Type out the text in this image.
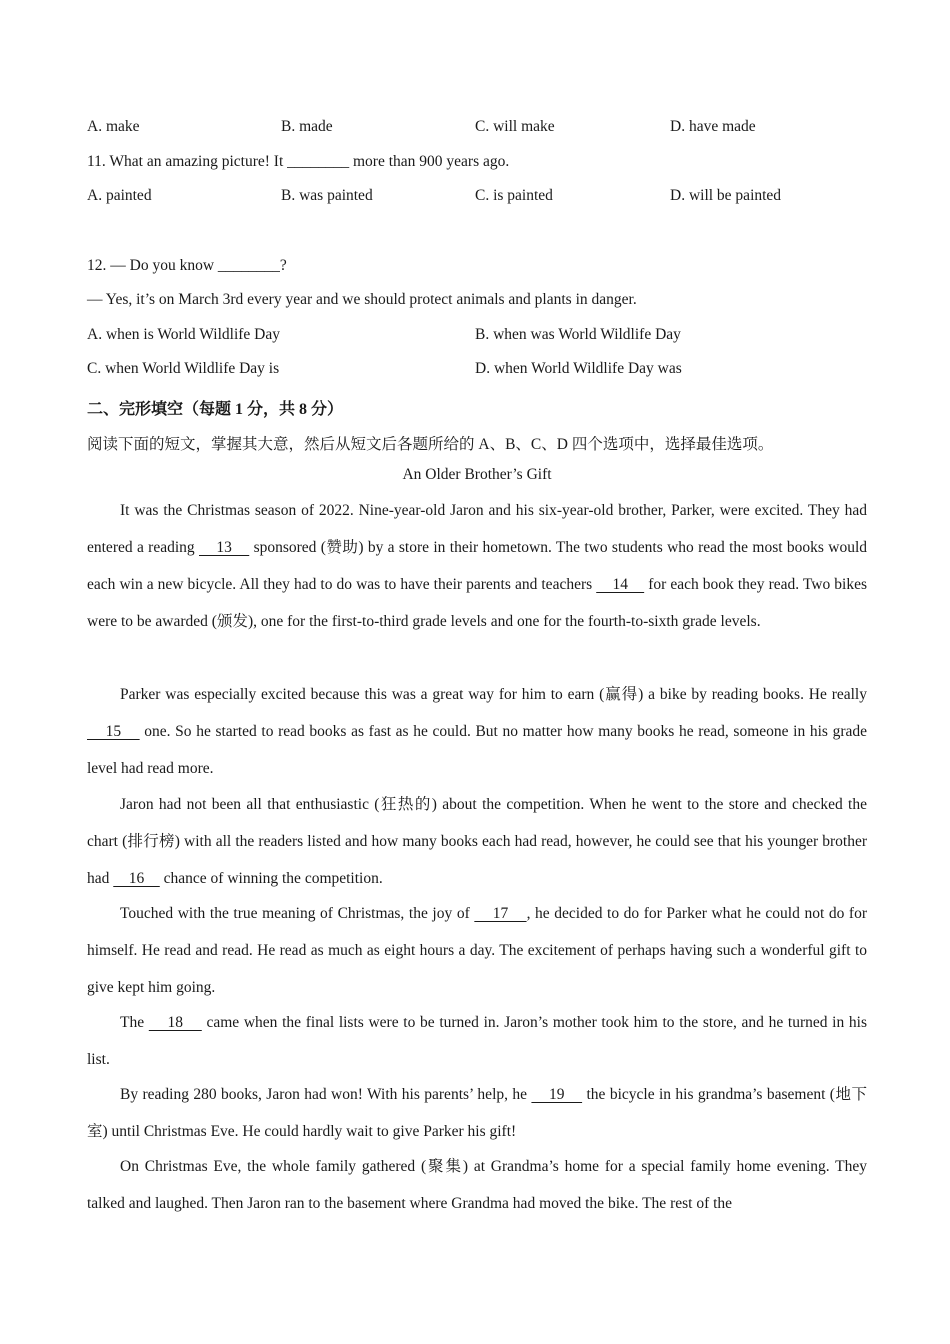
A. make	B. made	C. will make	D. have made
11. What an amazing picture! It ________ more than 900 years ago.
A. painted	B. was painted	C. is painted	D. will be painted
12. — Do you know ________?
— Yes, it’s on March 3rd every year and we should protect animals and plants in danger.
A. when is World Wildlife Day	B. when was World Wildlife Day
C. when World Wildlife Day is	D. when World Wildlife Day was
二、完形填空（每题 1 分，共 8 分）
阅读下面的短文，掌握其大意，然后从短文后各题所给的 A、B、C、D 四个选项中，选择最佳选项。
An Older Brother’s Gift
It was the Christmas season of 2022. Nine-year-old Jaron and his six-year-old brother, Parker, were excited. They had entered a reading     13     sponsored (赞助) by a store in their hometown. The two students who read the most books would each win a new bicycle. All they had to do was to have their parents and teachers     14     for each book they read. Two bikes were to be awarded (颁发), one for the first-to-third grade levels and one for the fourth-to-sixth grade levels.
Parker was especially excited because this was a great way for him to earn (赢得) a bike by reading books. He really     15     one. So he started to read books as fast as he could. But no matter how many books he read, someone in his grade level had read more.
Jaron had not been all that enthusiastic (狂热的) about the competition. When he went to the store and checked the chart (排行榜) with all the readers listed and how many books each had read, however, he could see that his younger brother had     16     chance of winning the competition.
Touched with the true meaning of Christmas, the joy of     17    , he decided to do for Parker what he could not do for himself. He read and read. He read as much as eight hours a day. The excitement of perhaps having such a wonderful gift to give kept him going.
The     18     came when the final lists were to be turned in. Jaron’s mother took him to the store, and he turned in his list.
By reading 280 books, Jaron had won! With his parents’ help, he     19     the bicycle in his grandma’s basement (地下室) until Christmas Eve. He could hardly wait to give Parker his gift!
On Christmas Eve, the whole family gathered (聚集) at Grandma’s home for a special family home evening. They talked and laughed. Then Jaron ran to the basement where Grandma had moved the bike. The rest of the
